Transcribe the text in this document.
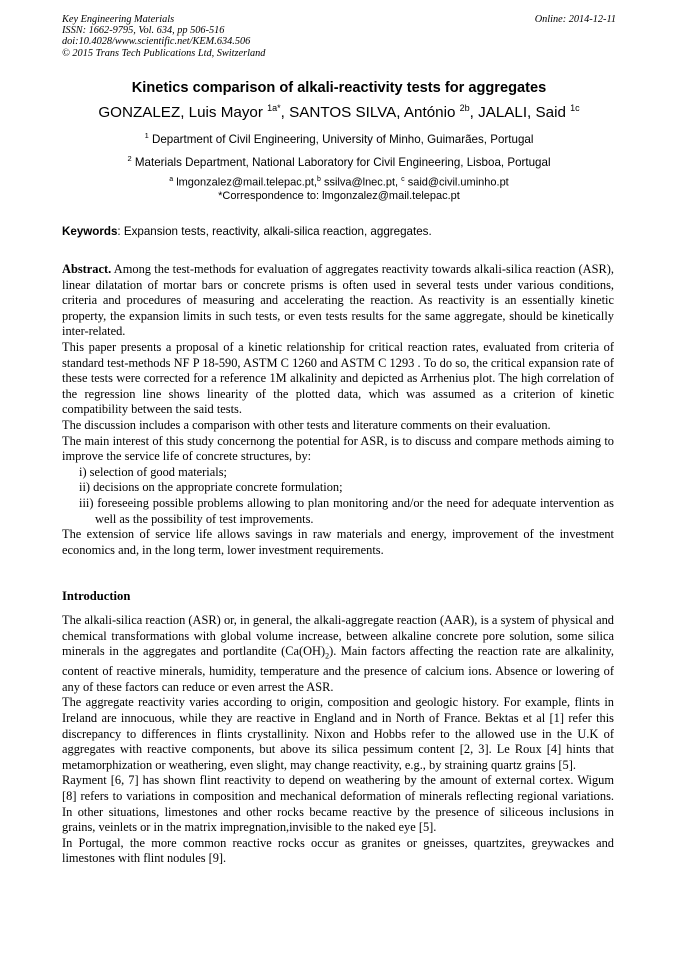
Key Engineering Materials
ISSN: 1662-9795, Vol. 634, pp 506-516
doi:10.4028/www.scientific.net/KEM.634.506
© 2015 Trans Tech Publications Ltd, Switzerland
Online: 2014-12-11
Kinetics comparison of alkali-reactivity tests for aggregates
GONZALEZ, Luis Mayor $^{1a*}$, SANTOS SILVA, António $^{2b}$, JALALI, Said $^{1c}$
$^1$ Department of Civil Engineering, University of Minho, Guimarães, Portugal
$^2$ Materials Department, National Laboratory for Civil Engineering, Lisboa, Portugal
$^a$ lmgonzalez@mail.telepac.pt,$^b$ ssilva@lnec.pt, $^c$ said@civil.uminho.pt
*Correspondence to: lmgonzalez@mail.telepac.pt
Keywords: Expansion tests, reactivity, alkali-silica reaction, aggregates.

Abstract. Among the test-methods for evaluation of aggregates reactivity towards alkali-silica reaction (ASR), linear dilatation of mortar bars or concrete prisms is often used in several tests under various conditions, criteria and procedures of measuring and accelerating the reaction. As reactivity is an essentially kinetic property, the expansion limits in such tests, or even tests results for the same aggregate, should be kinetically inter-related.

This paper presents a proposal of a kinetic relationship for critical reaction rates, evaluated from criteria of standard test-methods NF P 18-590, ASTM C 1260 and ASTM C 1293 . To do so, the critical expansion rate of these tests were corrected for a reference 1M alkalinity and depicted as Arrhenius plot. The high correlation of the regression line shows linearity of the plotted data, which was assumed as a criterion of kinetic compatibility between the said tests.

The discussion includes a comparison with other tests and literature comments on their evaluation.

The main interest of this study concernong the potential for ASR, is to discuss and compare methods aiming to improve the service life of concrete structures, by:

i) selection of good materials;

ii) decisions on the appropriate concrete formulation;

iii) foreseeing possible problems allowing to plan monitoring and/or the need for adequate intervention as well as the possibility of test improvements.

The extension of service life allows savings in raw materials and energy, improvement of the investment economics and, in the long term, lower investment requirements.

Introduction

The alkali-silica reaction (ASR) or, in general, the alkali-aggregate reaction (AAR), is a system of physical and chemical transformations with global volume increase, between alkaline concrete pore solution, some silica minerals in the aggregates and portlandite $(Ca(OH)_2)$. Main factors affecting the reaction rate are alkalinity, content of reactive minerals, humidity, temperature and the presence of calcium ions. Absence or lowering of any of these factors can reduce or even arrest the ASR.

The aggregate reactivity varies according to origin, composition and geologic history. For example, flints in Ireland are innocuous, while they are reactive in England and in North of France. Bektas et al [1] refer this discrepancy to differences in flints crystallinity. Nixon and Hobbs refer to the allowed use in the U.K of aggregates with reactive components, but above its silica pessimum content [2, 3]. Le Roux [4] hints that metamorphization or weathering, even slight, may change reactivity, e.g., by straining quartz grains [5].

Rayment [6, 7] has shown flint reactivity to depend on weathering by the amount of external cortex. Wigum [8] refers to variations in composition and mechanical deformation of minerals reflecting regional variations. In other situations, limestones and other rocks became reactive by the presence of siliceous inclusions in grains, veinlets or in the matrix impregnation,invisible to the naked eye [5].

In Portugal, the more common reactive rocks occur as granites or gneisses, quartzites, greywackes and limestones with flint nodules [9].
